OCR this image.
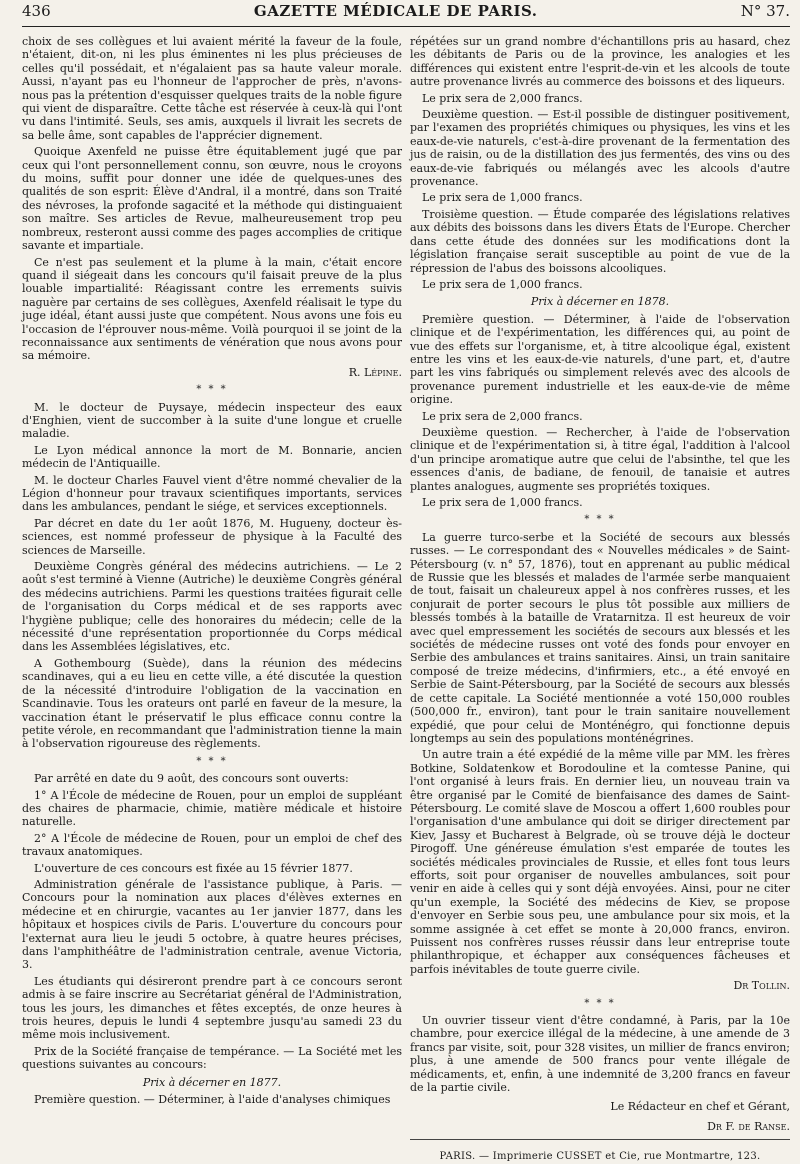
436	GAZETTE MÉDICALE DE PARIS.	N° 37.

choix de ses collègues et lui avaient mérité la faveur de la foule, n'étaient, dit-on, ni les plus éminentes ni les plus précieuses de celles qu'il possédait, et n'égalaient pas sa haute valeur morale. Aussi, n'ayant pas eu l'honneur de l'approcher de près, n'avons-nous pas la prétention d'esquisser quelques traits de la noble figure qui vient de disparaître. Cette tâche est réservée à ceux-là qui l'ont vu dans l'intimité. Seuls, ses amis, auxquels il livrait les secrets de sa belle âme, sont capables de l'apprécier dignement.

Quoique Axenfeld ne puisse être équitablement jugé que par ceux qui l'ont personnellement connu, son œuvre, nous le croyons du moins, suffit pour donner une idée de quelques-unes des qualités de son esprit: Élève d'Andral, il a montré, dans son Traité des névroses, la profonde sagacité et la méthode qui distinguaient son maître. Ses articles de Revue, malheureusement trop peu nombreux, resteront aussi comme des pages accomplies de critique savante et impartiale.

Ce n'est pas seulement et la plume à la main, c'était encore quand il siégeait dans les concours qu'il faisait preuve de la plus louable impartialité: Réagissant contre les errements suivis naguère par certains de ses collègues, Axenfeld réalisait le type du juge idéal, étant aussi juste que compétent. Nous avons une fois eu l'occasion de l'éprouver nous-même. Voilà pourquoi il se joint de la reconnaissance aux sentiments de vénération que nous avons pour sa mémoire.

R. Lépine.
* * *

M. le docteur de Puysaye, médecin inspecteur des eaux d'Enghien, vient de succomber à la suite d'une longue et cruelle maladie.

Le Lyon médical annonce la mort de M. Bonnarie, ancien médecin de l'Antiquaille.

M. le docteur Charles Fauvel vient d'être nommé chevalier de la Légion d'honneur pour travaux scientifiques importants, services dans les ambulances, pendant le siége, et services exceptionnels.

Par décret en date du 1er août 1876, M. Hugueny, docteur ès-sciences, est nommé professeur de physique à la Faculté des sciences de Marseille.

Deuxième Congrès général des médecins autrichiens. — Le 2 août s'est terminé à Vienne (Autriche) le deuxième Congrès général des médecins autrichiens. Parmi les questions traitées figurait celle de l'organisation du Corps médical et de ses rapports avec l'hygiène publique; celle des honoraires du médecin; celle de la nécessité d'une représentation proportionnée du Corps médical dans les Assemblées législatives, etc.

A Gothembourg (Suède), dans la réunion des médecins scandinaves, qui a eu lieu en cette ville, a été discutée la question de la nécessité d'introduire l'obligation de la vaccination en Scandinavie. Tous les orateurs ont parlé en faveur de la mesure, la vaccination étant le préservatif le plus efficace connu contre la petite vérole, en recommandant que l'administration tienne la main à l'observation rigoureuse des règlements.

* * *

Par arrêté en date du 9 août, des concours sont ouverts:

1° A l'École de médecine de Rouen, pour un emploi de suppléant des chaires de pharmacie, chimie, matière médicale et histoire naturelle.

2° A l'École de médecine de Rouen, pour un emploi de chef des travaux anatomiques.

L'ouverture de ces concours est fixée au 15 février 1877.

Administration générale de l'assistance publique, à Paris. — Concours pour la nomination aux places d'élèves externes en médecine et en chirurgie, vacantes au 1er janvier 1877, dans les hôpitaux et hospices civils de Paris. L'ouverture du concours pour l'externat aura lieu le jeudi 5 octobre, à quatre heures précises, dans l'amphithéâtre de l'administration centrale, avenue Victoria, 3.

Les étudiants qui désireront prendre part à ce concours seront admis à se faire inscrire au Secrétariat général de l'Administration, tous les jours, les dimanches et fêtes exceptés, de onze heures à trois heures, depuis le lundi 4 septembre jusqu'au samedi 23 du même mois inclusivement.

Prix de la Société française de tempérance. — La Société met les questions suivantes au concours:

Prix à décerner en 1877.

Première question. — Déterminer, à l'aide d'analyses chimiques

répétées sur un grand nombre d'échantillons pris au hasard, chez les débitants de Paris ou de la province, les analogies et les différences qui existent entre l'esprit-de-vin et les alcools de toute autre provenance livrés au commerce des boissons et des liqueurs.

Le prix sera de 2,000 francs.

Deuxième question. — Est-il possible de distinguer positivement, par l'examen des propriétés chimiques ou physiques, les vins et les eaux-de-vie naturels, c'est-à-dire provenant de la fermentation des jus de raisin, ou de la distillation des jus fermentés, des vins ou des eaux-de-vie fabriqués ou mélangés avec les alcools d'autre provenance.

Le prix sera de 1,000 francs.

Troisième question. — Étude comparée des législations relatives aux débits des boissons dans les divers États de l'Europe. Chercher dans cette étude des données sur les modifications dont la législation française serait susceptible au point de vue de la répression de l'abus des boissons alcooliques.

Le prix sera de 1,000 francs.

Prix à décerner en 1878.

Première question. — Déterminer, à l'aide de l'observation clinique et de l'expérimentation, les différences qui, au point de vue des effets sur l'organisme, et, à titre alcoolique égal, existent entre les vins et les eaux-de-vie naturels, d'une part, et, d'autre part les vins fabriqués ou simplement relevés avec des alcools de provenance purement industrielle et les eaux-de-vie de même origine.

Le prix sera de 2,000 francs.

Deuxième question. — Rechercher, à l'aide de l'observation clinique et de l'expérimentation si, à titre égal, l'addition à l'alcool d'un principe aromatique autre que celui de l'absinthe, tel que les essences d'anis, de badiane, de fenouil, de tanaisie et autres plantes analogues, augmente ses propriétés toxiques.

Le prix sera de 1,000 francs.

* * *

La guerre turco-serbe et la Société de secours aux blessés russes. — Le correspondant des « Nouvelles médicales » de Saint-Pétersbourg (v. n° 57, 1876), tout en apprenant au public médical de Russie que les blessés et malades de l'armée serbe manquaient de tout, faisait un chaleureux appel à nos confrères russes, et les conjurait de porter secours le plus tôt possible aux milliers de blessés tombés à la bataille de Vratarnitza. Il est heureux de voir avec quel empressement les sociétés de secours aux blessés et les sociétés de médecine russes ont voté des fonds pour envoyer en Serbie des ambulances et trains sanitaires. Ainsi, un train sanitaire composé de treize médecins, d'infirmiers, etc., a été envoyé en Serbie de Saint-Pétersbourg, par la Société de secours aux blessés de cette capitale. La Société mentionnée a voté 150,000 roubles (500,000 fr., environ), tant pour le train sanitaire nouvellement expédié, que pour celui de Monténégro, qui fonctionne depuis longtemps au sein des populations monténégrines.

Un autre train a été expédié de la même ville par MM. les frères Botkine, Soldatenkow et Borodouline et la comtesse Panine, qui l'ont organisé à leurs frais. En dernier lieu, un nouveau train va être organisé par le Comité de bienfaisance des dames de Saint-Pétersbourg. Le comité slave de Moscou a offert 1,600 roubles pour l'organisation d'une ambulance qui doit se diriger directement par Kiev, Jassy et Bucharest à Belgrade, où se trouve déjà le docteur Pirogoff. Une généreuse émulation s'est emparée de toutes les sociétés médicales provinciales de Russie, et elles font tous leurs efforts, soit pour organiser de nouvelles ambulances, soit pour venir en aide à celles qui y sont déjà envoyées. Ainsi, pour ne citer qu'un exemple, la Société des médecins de Kiev, se propose d'envoyer en Serbie sous peu, une ambulance pour six mois, et la somme assignée à cet effet se monte à 20,000 francs, environ. Puissent nos confrères russes réussir dans leur entreprise toute philanthropique, et échapper aux conséquences fâcheuses et parfois inévitables de toute guerre civile.

Dr Tollin.
* * *

Un ouvrier tisseur vient d'être condamné, à Paris, par la 10e chambre, pour exercice illégal de la médecine, à une amende de 3 francs par visite, soit, pour 328 visites, un millier de francs environ; plus, à une amende de 500 francs pour vente illégale de médicaments, et, enfin, à une indemnité de 3,200 francs en faveur de la partie civile.

Le Rédacteur en chef et Gérant,
Dr F. de Ranse.
PARIS. — Imprimerie CUSSET et Cie, rue Montmartre, 123.
